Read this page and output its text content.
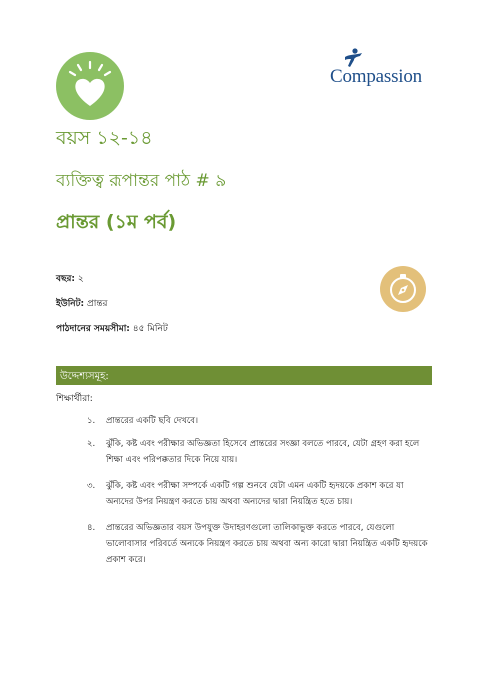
Compassion
বয়স ১২-১৪
ব্যক্তিত্ব রূপান্তর পাঠ # ৯
প্রান্তর (১ম পর্ব)
বছর: ২
ইউনিট: প্রান্তর
পাঠদানের সময়সীমা: ৪৫ মিনিট
উদ্দেশ্যসমূহ:
শিক্ষার্থীরা:
১.	প্রান্তরের একটি ছবি দেখবে।
২.	ঝুঁকি, কষ্ট এবং পরীক্ষার অভিজ্ঞতা হিসেবে প্রান্তরের সংজ্ঞা বলতে পারবে, যেটা গ্রহণ করা হলে শিক্ষা এবং পরিপক্কতার দিকে নিয়ে যায়।
৩.	ঝুঁকি, কষ্ট এবং পরীক্ষা সম্পর্কে একটি গল্প শুনবে যেটা এমন একটি হৃদয়কে প্রকাশ করে যা অন্যদের উপর নিয়ন্ত্রণ করতে চায় অথবা অন্যদের দ্বারা নিয়ন্ত্রিত হতে চায়।
৪.	প্রান্তরের অভিজ্ঞতার বয়স উপযুক্ত উদাহরণগুলো তালিকাভুক্ত করতে পারবে, যেগুলো ভালোবাসার পরিবর্তে অন্যকে নিয়ন্ত্রণ করতে চায় অথবা অন্য কারো দ্বারা নিয়ন্ত্রিত একটি হৃদয়কে প্রকাশ করে।
